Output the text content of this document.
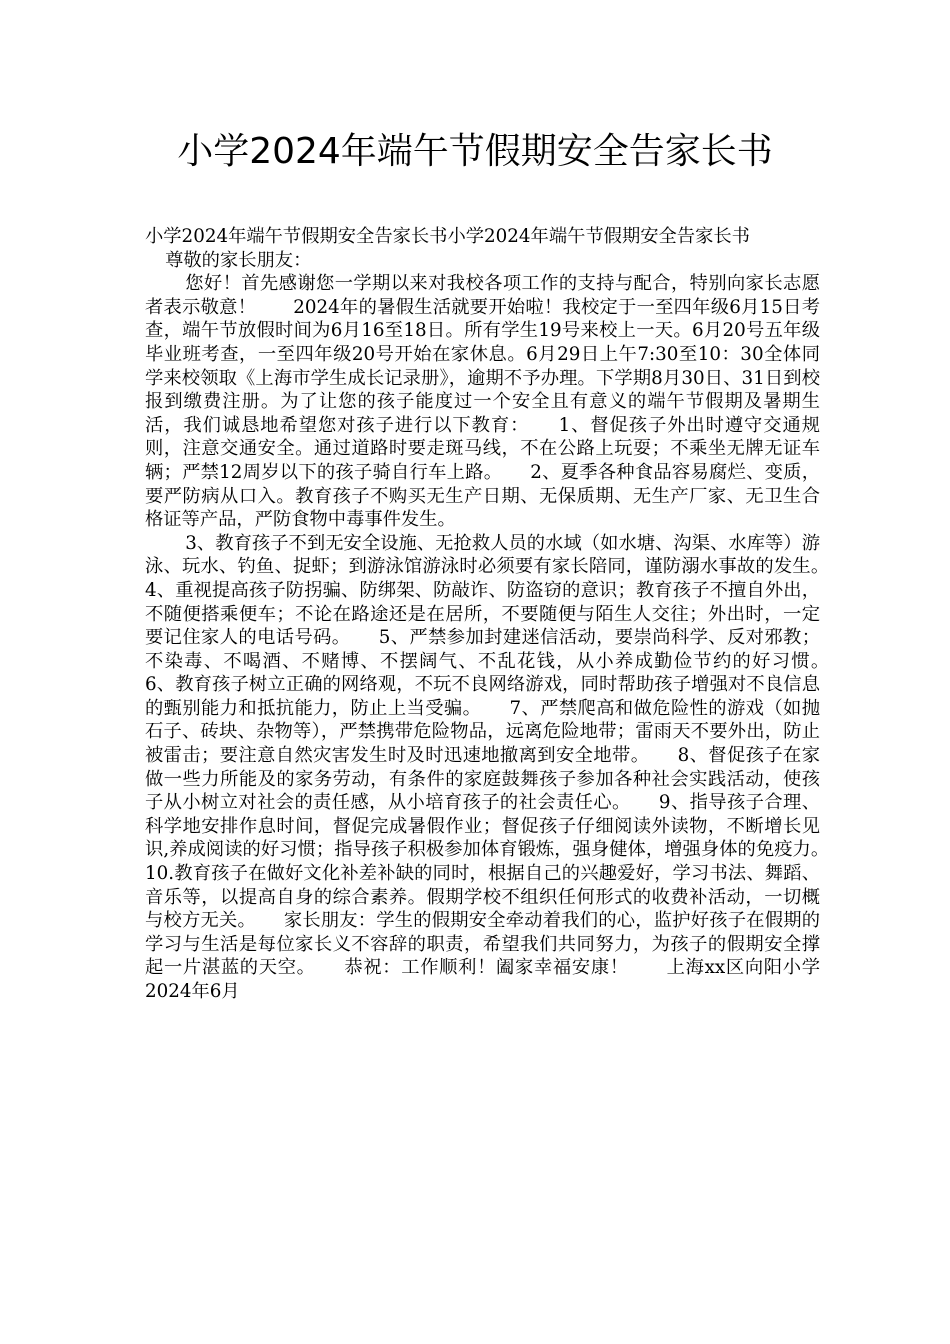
小学2024年端午节假期安全告家长书

小学2024年端午节假期安全告家长书小学2024年端午节假期安全告家长书

尊敬的家长朋友：

您好！首先感谢您一学期以来对我校各项工作的支持与配合，特别向家长志愿者表示敬意！　　2024年的暑假生活就要开始啦！我校定于一至四年级6月15日考查，端午节放假时间为6月16至18日。所有学生19号来校上一天。6月20号五年级毕业班考查，一至四年级20号开始在家休息。6月29日上午7:30至10：30全体同学来校领取《上海市学生成长记录册》，逾期不予办理。下学期8月30日、31日到校报到缴费注册。为了让您的孩子能度过一个安全且有意义的端午节假期及暑期生活，我们诚恳地希望您对孩子进行以下教育：　　1、督促孩子外出时遵守交通规则，注意交通安全。通过道路时要走斑马线，不在公路上玩耍；不乘坐无牌无证车辆；严禁12周岁以下的孩子骑自行车上路。　　2、夏季各种食品容易腐烂、变质，要严防病从口入。教育孩子不购买无生产日期、无保质期、无生产厂家、无卫生合格证等产品，严防食物中毒事件发生。

3、教育孩子不到无安全设施、无抢救人员的水域（如水塘、沟渠、水库等）游泳、玩水、钓鱼、捉虾；到游泳馆游泳时必须要有家长陪同，谨防溺水事故的发生。　　4、重视提高孩子防拐骗、防绑架、防敲诈、防盗窃的意识；教育孩子不擅自外出，不随便搭乘便车；不论在路途还是在居所，不要随便与陌生人交往；外出时，一定要记住家人的电话号码。　　5、严禁参加封建迷信活动，要崇尚科学、反对邪教；不染毒、不喝酒、不赌博、不摆阔气、不乱花钱，从小养成勤俭节约的好习惯。　　6、教育孩子树立正确的网络观，不玩不良网络游戏，同时帮助孩子增强对不良信息的甄别能力和抵抗能力，防止上当受骗。　　7、严禁爬高和做危险性的游戏（如抛石子、砖块、杂物等），严禁携带危险物品，远离危险地带；雷雨天不要外出，防止被雷击；要注意自然灾害发生时及时迅速地撤离到安全地带。　　8、督促孩子在家做一些力所能及的家务劳动，有条件的家庭鼓舞孩子参加各种社会实践活动，使孩子从小树立对社会的责任感，从小培育孩子的社会责任心。　　9、指导孩子合理、科学地安排作息时间，督促完成暑假作业；督促孩子仔细阅读外读物，不断增长见识,养成阅读的好习惯；指导孩子积极参加体育锻炼，强身健体，增强身体的免疫力。　　10.教育孩子在做好文化补差补缺的同时，根据自己的兴趣爱好，学习书法、舞蹈、音乐等，以提高自身的综合素养。假期学校不组织任何形式的收费补活动，一切概与校方无关。　　家长朋友：学生的假期安全牵动着我们的心，监护好孩子在假期的学习与生活是每位家长义不容辞的职责，希望我们共同努力，为孩子的假期安全撑起一片湛蓝的天空。　　恭祝：工作顺利！阖家幸福安康！　　上海xx区向阳小学　　2024年6月
